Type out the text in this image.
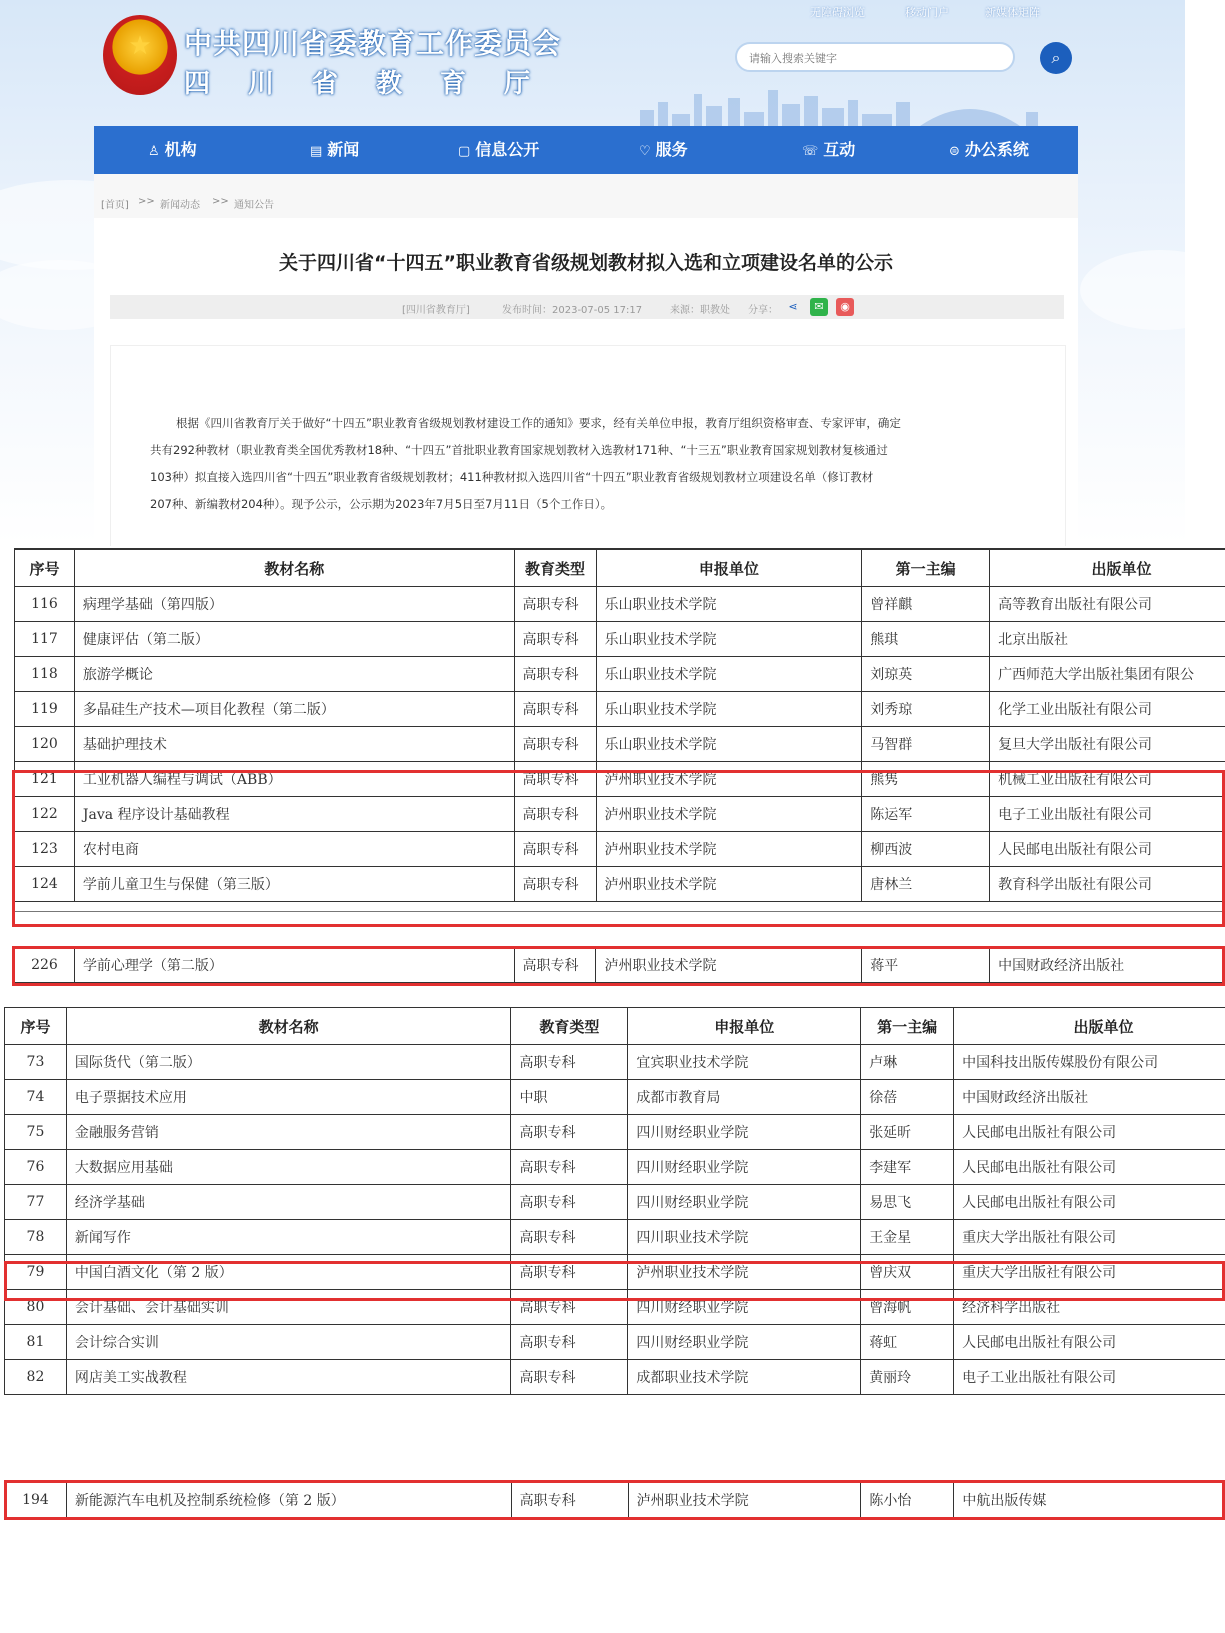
★	中共四川省委教育工作委员会
四川省教育厅
无障碍浏览	移动门户	新媒体矩阵
请输入搜索关键字
⌕
♙ 机构	▤ 新闻	▢ 信息公开	♡ 服务	☏ 互动	⊜ 办公系统
[首页] >> 新闻动态 >> 通知公告
关于四川省“十四五”职业教育省级规划教材拟入选和立项建设名单的公示
[四川省教育厅]	发布时间：2023-07-05 17:17	来源：职教处 分享： ⋖	✉	◉
根据《四川省教育厅关于做好“十四五”职业教育省级规划教材建设工作的通知》要求，经有关单位申报，教育厅组织资格审查、专家评审，确定
共有292种教材（职业教育类全国优秀教材18种、“十四五”首批职业教育国家规划教材入选教材171种、“十三五”职业教育国家规划教材复核通过
103种）拟直接入选四川省“十四五”职业教育省级规划教材；411种教材拟入选四川省“十四五”职业教育省级规划教材立项建设名单（修订教材
207种、新编教材204种）。现予公示，公示期为2023年7月5日至7月11日（5个工作日）。
序号	教材名称	教育类型	申报单位	第一主编	出版单位
116	病理学基础（第四版）	高职专科	乐山职业技术学院	曾祥麒	高等教育出版社有限公司
117	健康评估（第二版）	高职专科	乐山职业技术学院	熊琪	北京出版社
118	旅游学概论	高职专科	乐山职业技术学院	刘琼英	广西师范大学出版社集团有限公
119	多晶硅生产技术—项目化教程（第二版）	高职专科	乐山职业技术学院	刘秀琼	化学工业出版社有限公司
120	基础护理技术	高职专科	乐山职业技术学院	马智群	复旦大学出版社有限公司
121	工业机器人编程与调试（ABB）	高职专科	泸州职业技术学院	熊隽	机械工业出版社有限公司
122	Java 程序设计基础教程	高职专科	泸州职业技术学院	陈运军	电子工业出版社有限公司
123	农村电商	高职专科	泸州职业技术学院	柳西波	人民邮电出版社有限公司
124	学前儿童卫生与保健（第三版）	高职专科	泸州职业技术学院	唐林兰	教育科学出版社有限公司
226	学前心理学（第二版）	高职专科	泸州职业技术学院	蒋平	中国财政经济出版社
序号	教材名称	教育类型	申报单位	第一主编	出版单位
73	国际货代（第二版）	高职专科	宜宾职业技术学院	卢琳	中国科技出版传媒股份有限公司
74	电子票据技术应用	中职	成都市教育局	徐蓓	中国财政经济出版社
75	金融服务营销	高职专科	四川财经职业学院	张延昕	人民邮电出版社有限公司
76	大数据应用基础	高职专科	四川财经职业学院	李建军	人民邮电出版社有限公司
77	经济学基础	高职专科	四川财经职业学院	易思飞	人民邮电出版社有限公司
78	新闻写作	高职专科	四川职业技术学院	王金星	重庆大学出版社有限公司
79	中国白酒文化（第 2 版）	高职专科	泸州职业技术学院	曾庆双	重庆大学出版社有限公司
80	会计基础、会计基础实训	高职专科	四川财经职业学院	曾海帆	经济科学出版社
81	会计综合实训	高职专科	四川财经职业学院	蒋虹	人民邮电出版社有限公司
82	网店美工实战教程	高职专科	成都职业技术学院	黄丽玲	电子工业出版社有限公司
194	新能源汽车电机及控制系统检修（第 2 版）	高职专科	泸州职业技术学院	陈小怡	中航出版传媒
